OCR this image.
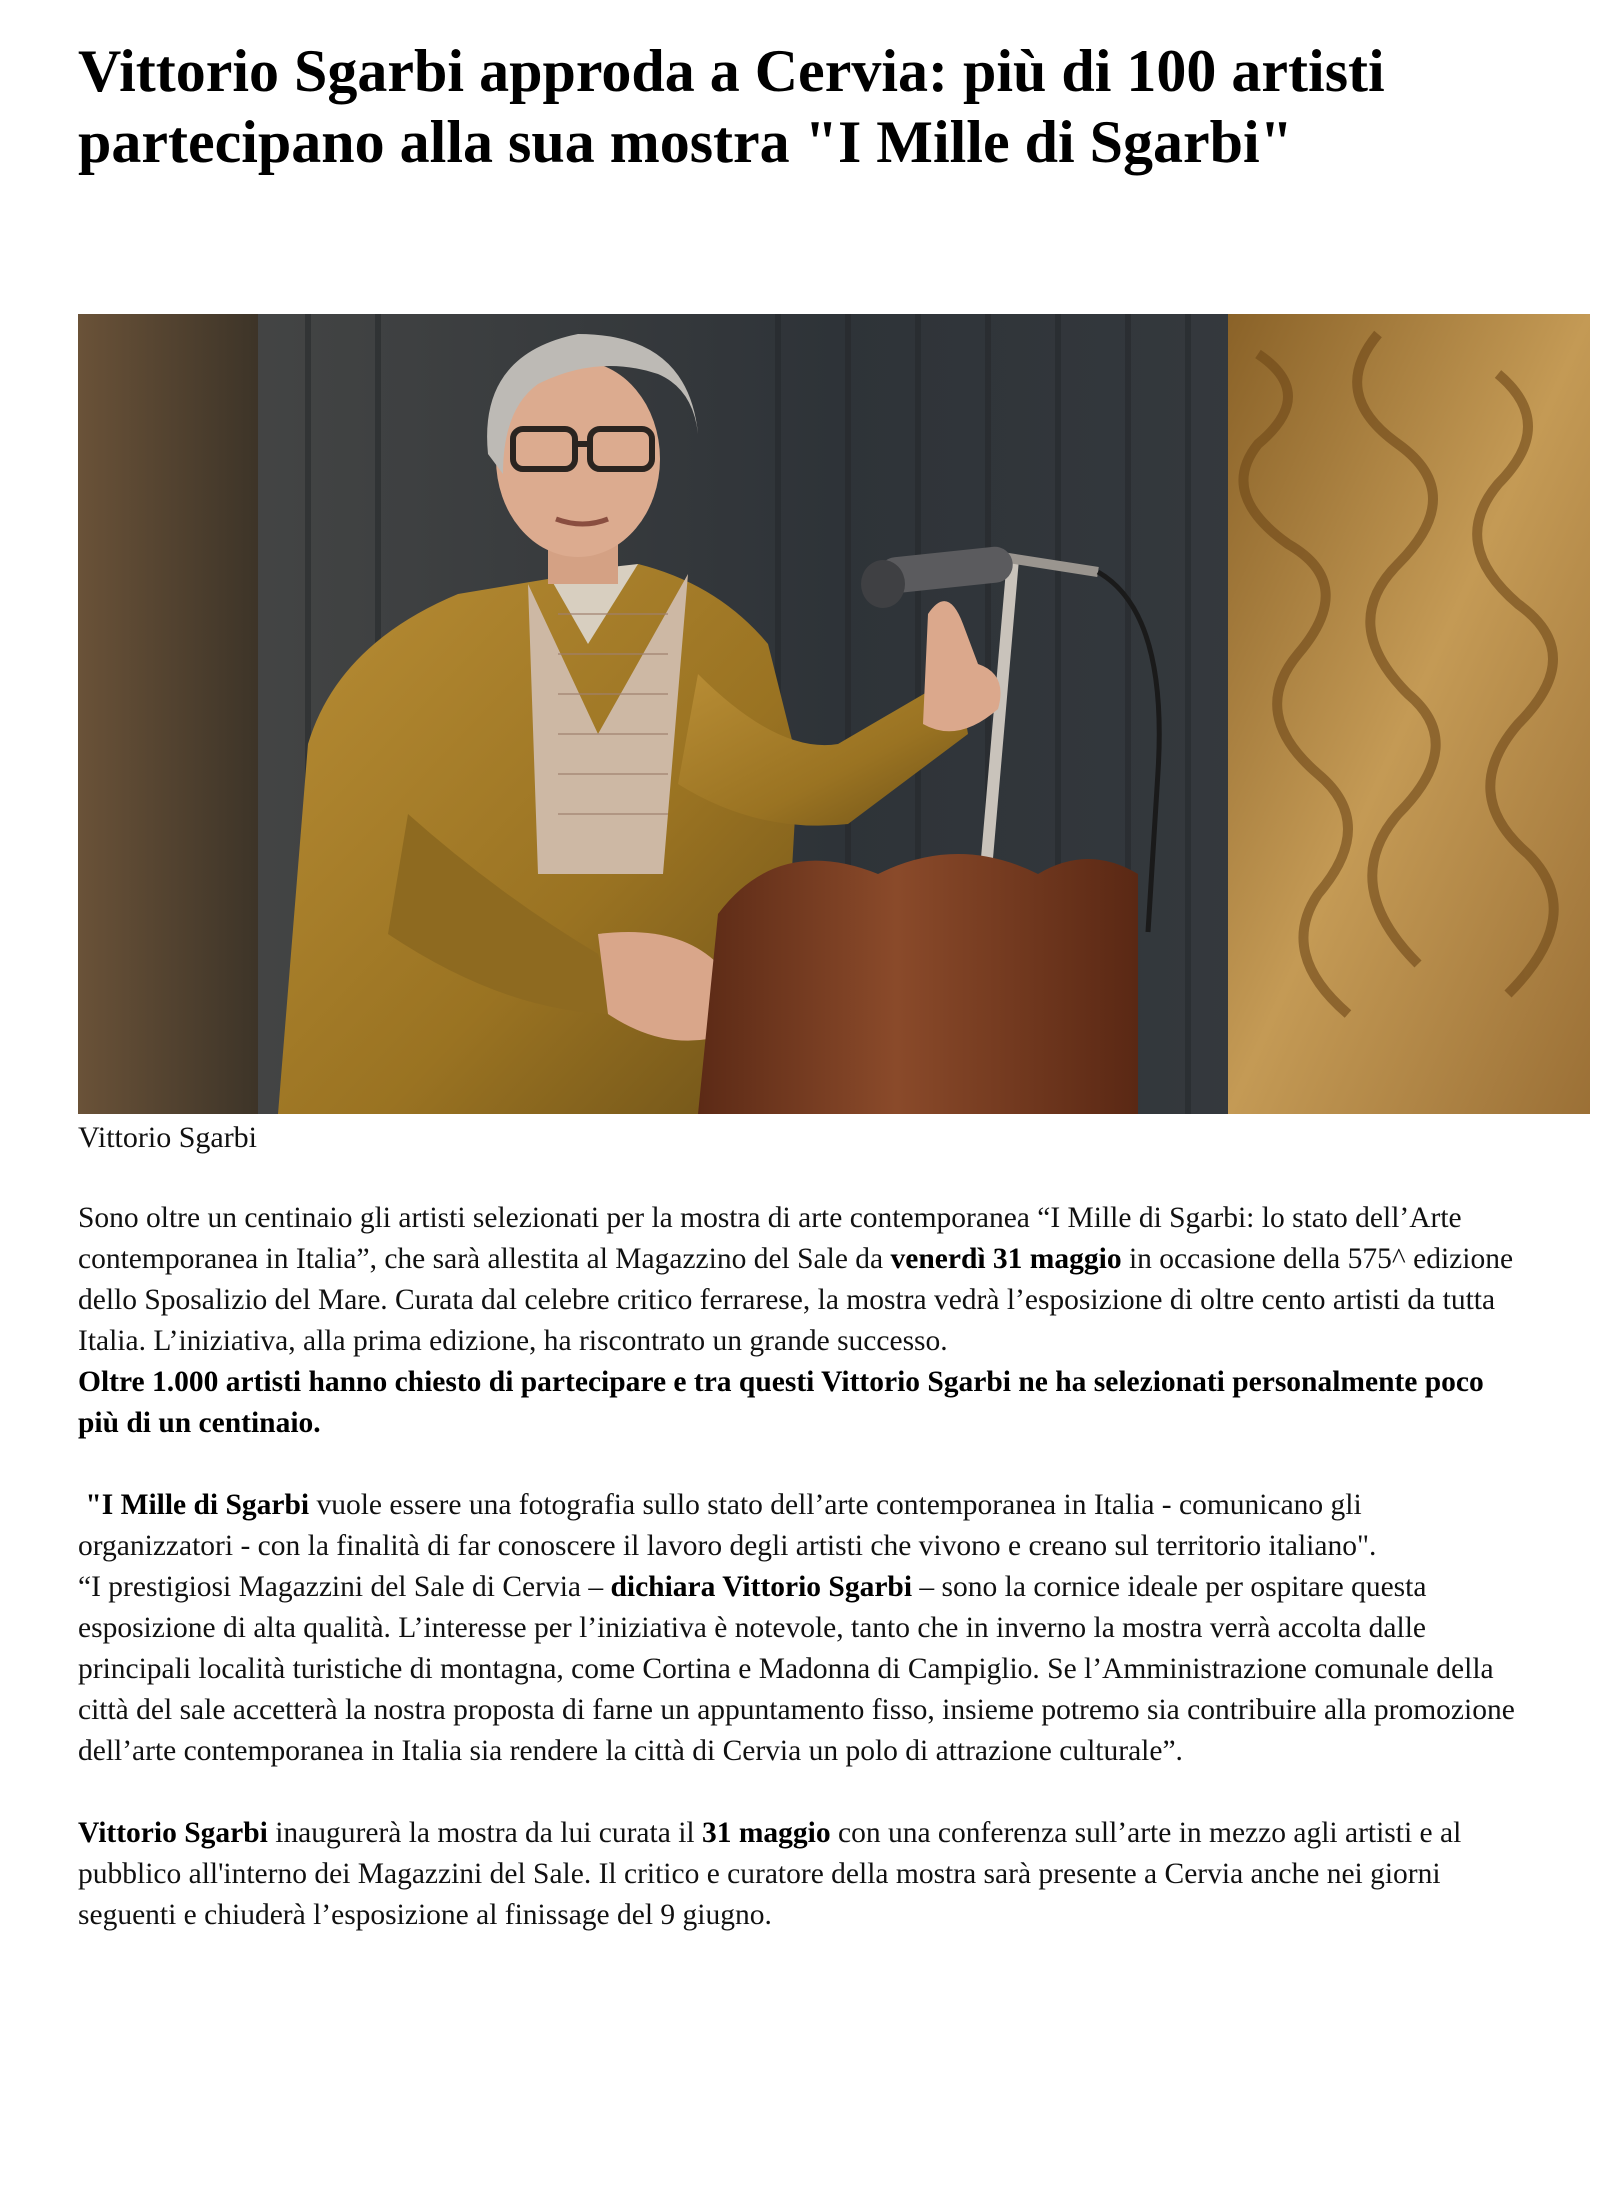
Vittorio Sgarbi approda a Cervia: più di 100 artisti partecipano alla sua mostra "I Mille di Sgarbi"
Vittorio Sgarbi

Sono oltre un centinaio gli artisti selezionati per la mostra di arte contemporanea “I Mille di Sgarbi: lo stato dell’Arte contemporanea in Italia”, che sarà allestita al Magazzino del Sale da venerdì 31 maggio in occasione della 575^ edizione dello Sposalizio del Mare. Curata dal celebre critico ferrarese, la mostra vedrà l’esposizione di oltre cento artisti da tutta Italia. L’iniziativa, alla prima edizione, ha riscontrato un grande successo.

Oltre 1.000 artisti hanno chiesto di partecipare e tra questi Vittorio Sgarbi ne ha selezionati personalmente poco più di un centinaio.

"I Mille di Sgarbi vuole essere una fotografia sullo stato dell’arte contemporanea in Italia - comunicano gli organizzatori - con la finalità di far conoscere il lavoro degli artisti che vivono e creano sul territorio italiano".

“I prestigiosi Magazzini del Sale di Cervia – dichiara Vittorio Sgarbi – sono la cornice ideale per ospitare questa esposizione di alta qualità. L’interesse per l’iniziativa è notevole, tanto che in inverno la mostra verrà accolta dalle principali località turistiche di montagna, come Cortina e Madonna di Campiglio. Se l’Amministrazione comunale della città del sale accetterà la nostra proposta di farne un appuntamento fisso, insieme potremo sia contribuire alla promozione dell’arte contemporanea in Italia sia rendere la città di Cervia un polo di attrazione culturale”.

Vittorio Sgarbi inaugurerà la mostra da lui curata il 31 maggio con una conferenza sull’arte in mezzo agli artisti e al pubblico all'interno dei Magazzini del Sale. Il critico e curatore della mostra sarà presente a Cervia anche nei giorni seguenti e chiuderà l’esposizione al finissage del 9 giugno.
